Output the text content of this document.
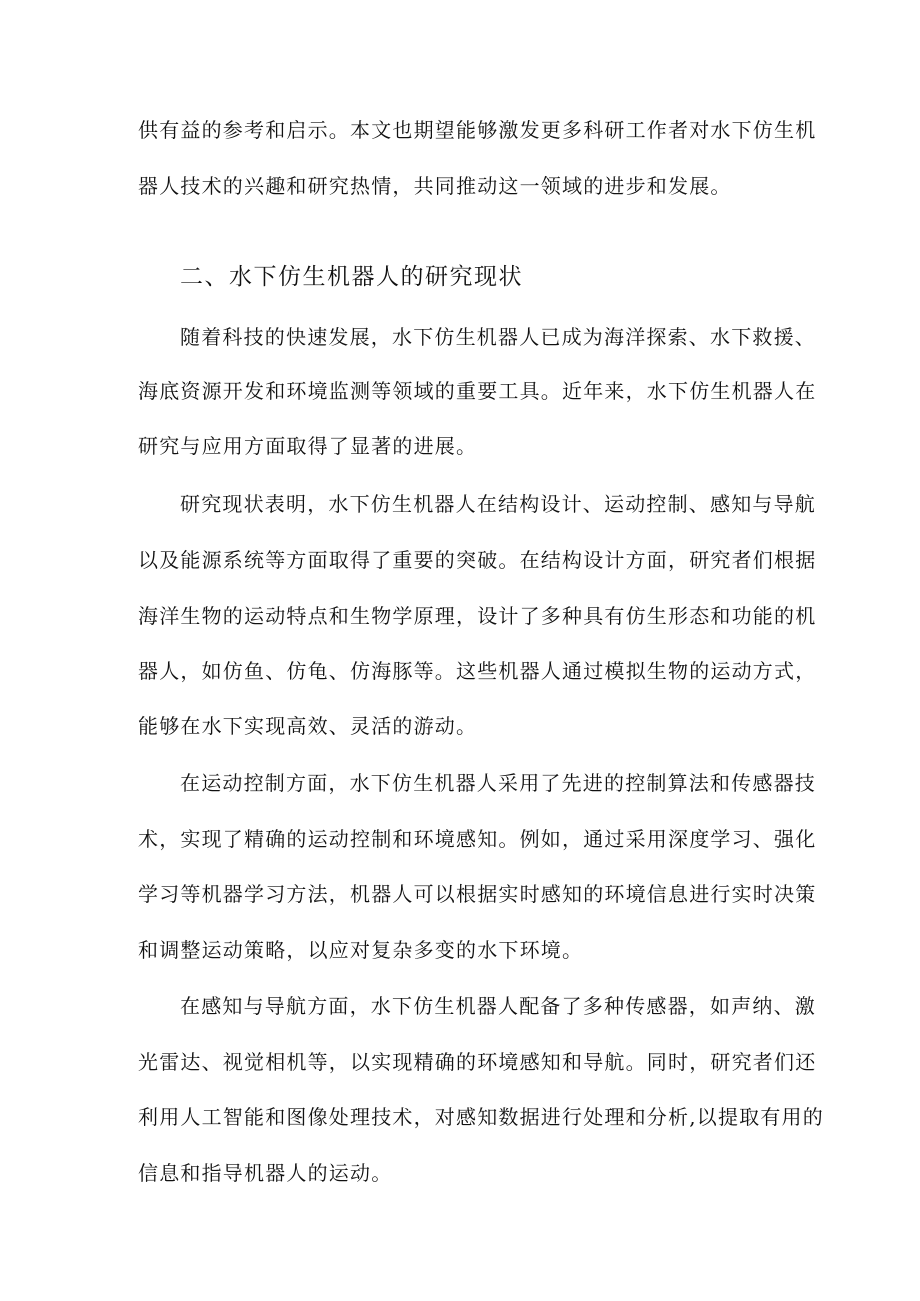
供有益的参考和启示。本文也期望能够激发更多科研工作者对水下仿生机
器人技术的兴趣和研究热情，共同推动这一领域的进步和发展。
二、水下仿生机器人的研究现状
随着科技的快速发展，水下仿生机器人已成为海洋探索、水下救援、
海底资源开发和环境监测等领域的重要工具。近年来，水下仿生机器人在
研究与应用方面取得了显著的进展。
研究现状表明，水下仿生机器人在结构设计、运动控制、感知与导航
以及能源系统等方面取得了重要的突破。在结构设计方面，研究者们根据
海洋生物的运动特点和生物学原理，设计了多种具有仿生形态和功能的机
器人，如仿鱼、仿龟、仿海豚等。这些机器人通过模拟生物的运动方式，
能够在水下实现高效、灵活的游动。
在运动控制方面，水下仿生机器人采用了先进的控制算法和传感器技
术，实现了精确的运动控制和环境感知。例如，通过采用深度学习、强化
学习等机器学习方法，机器人可以根据实时感知的环境信息进行实时决策
和调整运动策略，以应对复杂多变的水下环境。
在感知与导航方面，水下仿生机器人配备了多种传感器，如声纳、激
光雷达、视觉相机等，以实现精确的环境感知和导航。同时，研究者们还
利用人工智能和图像处理技术，对感知数据进行处理和分析,以提取有用的
信息和指导机器人的运动。
